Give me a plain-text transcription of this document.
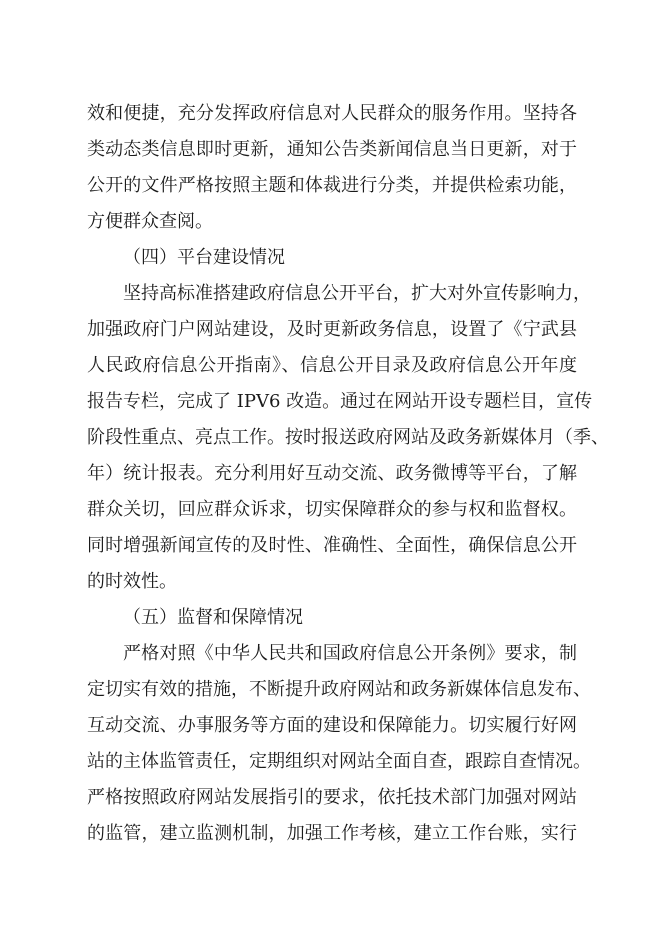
效和便捷，充分发挥政府信息对人民群众的服务作用。坚持各
类动态类信息即时更新，通知公告类新闻信息当日更新，对于
公开的文件严格按照主题和体裁进行分类，并提供检索功能，
方便群众查阅。
（四）平台建设情况
坚持高标准搭建政府信息公开平台，扩大对外宣传影响力，
加强政府门户网站建设，及时更新政务信息，设置了《宁武县
人民政府信息公开指南》、信息公开目录及政府信息公开年度
报告专栏，完成了 IPV6 改造。通过在网站开设专题栏目，宣传
阶段性重点、亮点工作。按时报送政府网站及政务新媒体月（季、
年）统计报表。充分利用好互动交流、政务微博等平台，了解
群众关切，回应群众诉求，切实保障群众的参与权和监督权。
同时增强新闻宣传的及时性、准确性、全面性，确保信息公开
的时效性。
（五）监督和保障情况
严格对照《中华人民共和国政府信息公开条例》要求，制
定切实有效的措施，不断提升政府网站和政务新媒体信息发布、
互动交流、办事服务等方面的建设和保障能力。切实履行好网
站的主体监管责任，定期组织对网站全面自查，跟踪自查情况。
严格按照政府网站发展指引的要求，依托技术部门加强对网站
的监管，建立监测机制，加强工作考核，建立工作台账，实行
